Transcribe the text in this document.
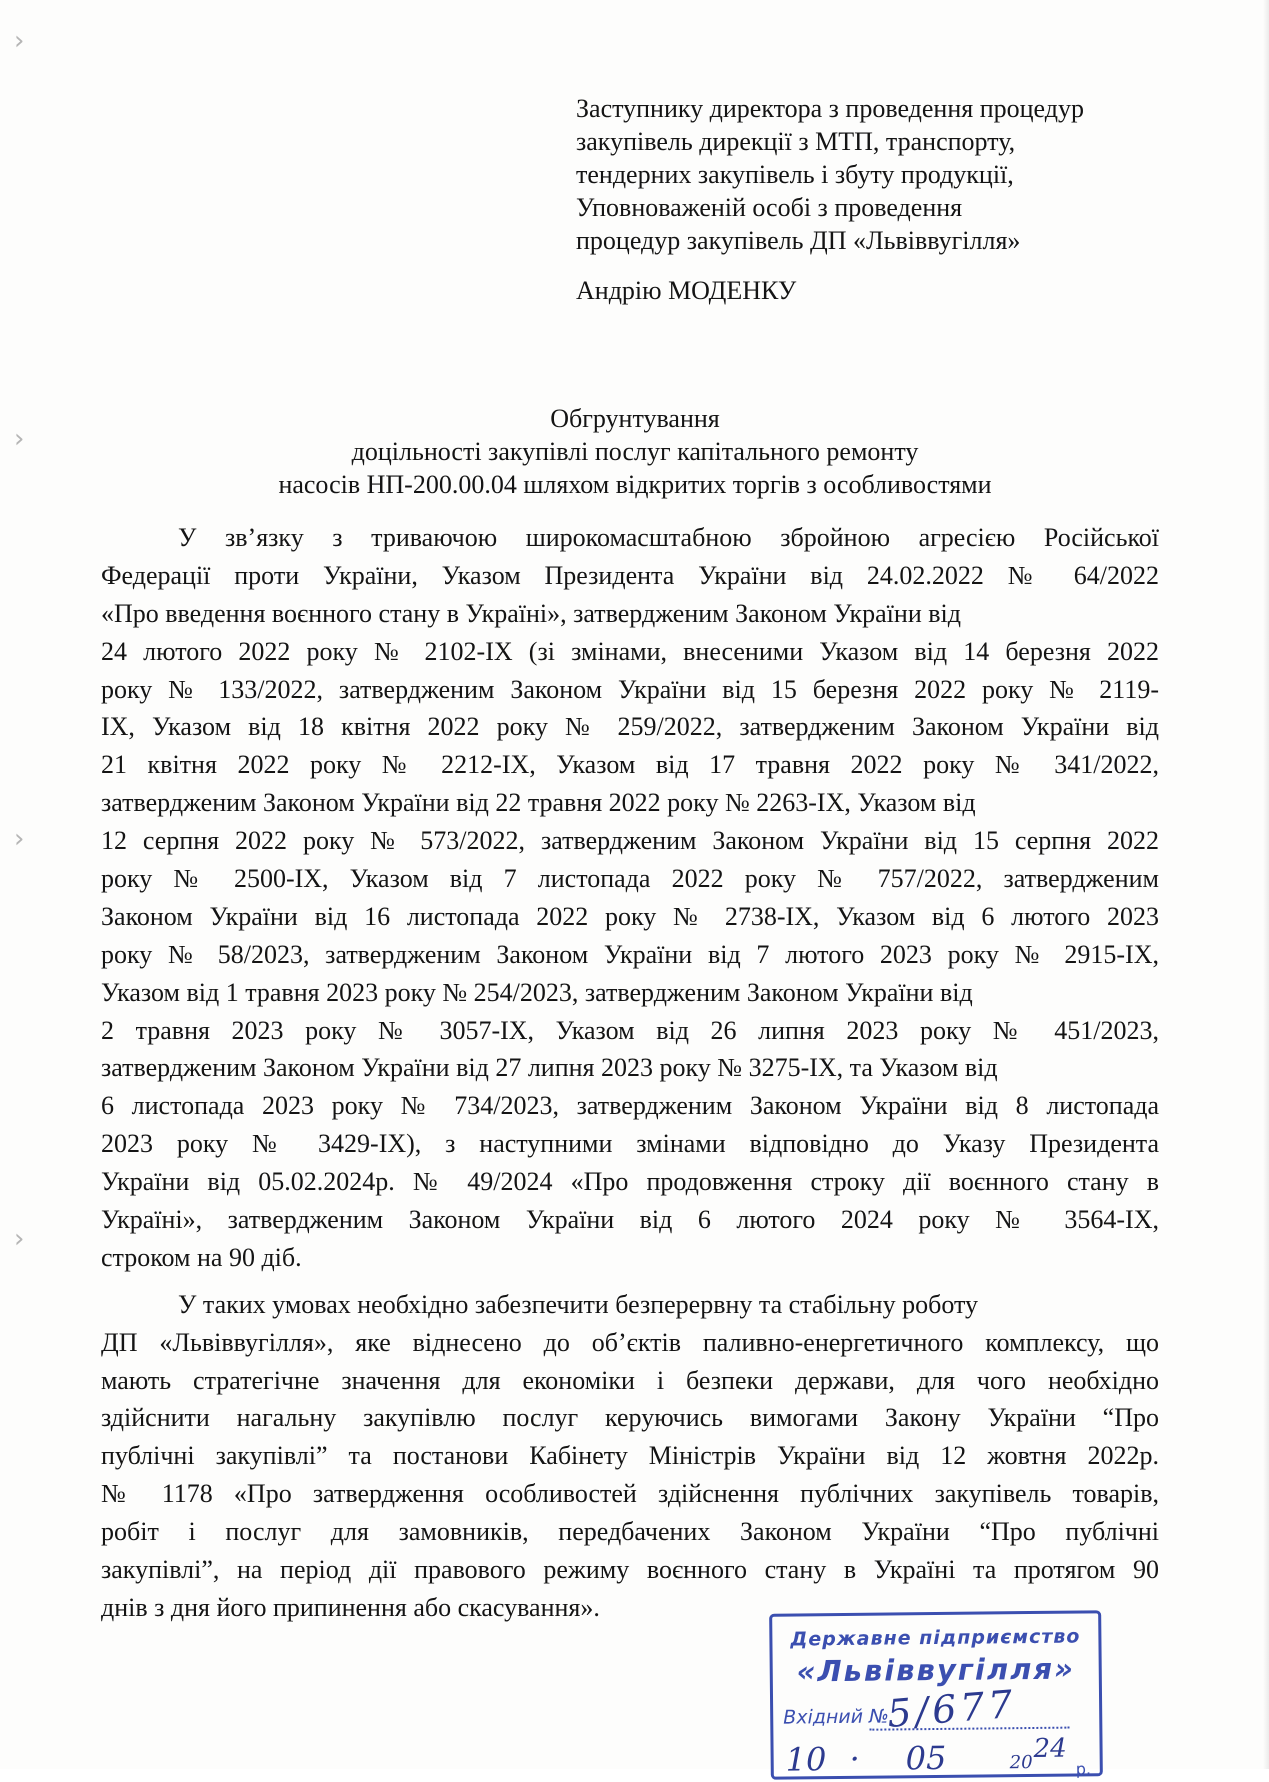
›
›
›
›
Заступнику директора з проведення процедур
закупівель дирекції з МТП, транспорту,
тендерних закупівель і збуту продукції,
Уповноваженій особі з проведення
процедур закупівель ДП «Львіввугілля»
Андрію МОДЕНКУ
Обгрунтування
доцільності закупівлі послуг капітального ремонту
насосів НП-200.00.04 шляхом відкритих торгів з особливостями
У зв’язку з триваючою широкомасштабною збройною агресією Російської
Федерації проти України, Указом Президента України від 24.02.2022 № 64/2022
«Про введення воєнного стану в Україні», затвердженим Законом України від
24 лютого 2022 року № 2102-IX (зі змінами, внесеними Указом від 14 березня 2022
року № 133/2022, затвердженим Законом України від 15 березня 2022 року № 2119-
IX, Указом від 18 квітня 2022 року № 259/2022, затвердженим Законом України від
21 квітня 2022 року № 2212-IX, Указом від 17 травня 2022 року № 341/2022,
затвердженим Законом України від 22 травня 2022 року № 2263-IX, Указом від
12 серпня 2022 року № 573/2022, затвердженим Законом України від 15 серпня 2022
року № 2500-IX, Указом від 7 листопада 2022 року № 757/2022, затвердженим
Законом України від 16 листопада 2022 року № 2738-IX, Указом від 6 лютого 2023
року № 58/2023, затвердженим Законом України від 7 лютого 2023 року № 2915-IX,
Указом від 1 травня 2023 року № 254/2023, затвердженим Законом України від
2 травня 2023 року № 3057-IX, Указом від 26 липня 2023 року № 451/2023,
затвердженим Законом України від 27 липня 2023 року № 3275-IX, та Указом від
6 листопада 2023 року № 734/2023, затвердженим Законом України від 8 листопада
2023 року № 3429-IX), з наступними змінами відповідно до Указу Президента
України від 05.02.2024р. № 49/2024 «Про продовження строку дії воєнного стану в
Україні», затвердженим Законом України від 6 лютого 2024 року № 3564-IX,
строком на 90 діб.
У таких умовах необхідно забезпечити безперервну та стабільну роботу
ДП «Львіввугілля», яке віднесено до об’єктів паливно-енергетичного комплексу, що
мають стратегічне значення для економіки і безпеки держави, для чого необхідно
здійснити нагальну закупівлю послуг керуючись вимогами Закону України “Про
публічні закупівлі” та постанови Кабінету Міністрів України від 12 жовтня 2022р.
№ 1178 «Про затвердження особливостей здійснення публічних закупівель товарів,
робіт і послуг для замовників, передбачених Законом України “Про публічні
закупівлі”, на період дії правового режиму воєнного стану в Україні та протягом 90
днів з дня його припинення або скасування».
Державне підприємство
«Львіввугілля»
Вхідний №
5/677
10 · 05	20 24
р.
